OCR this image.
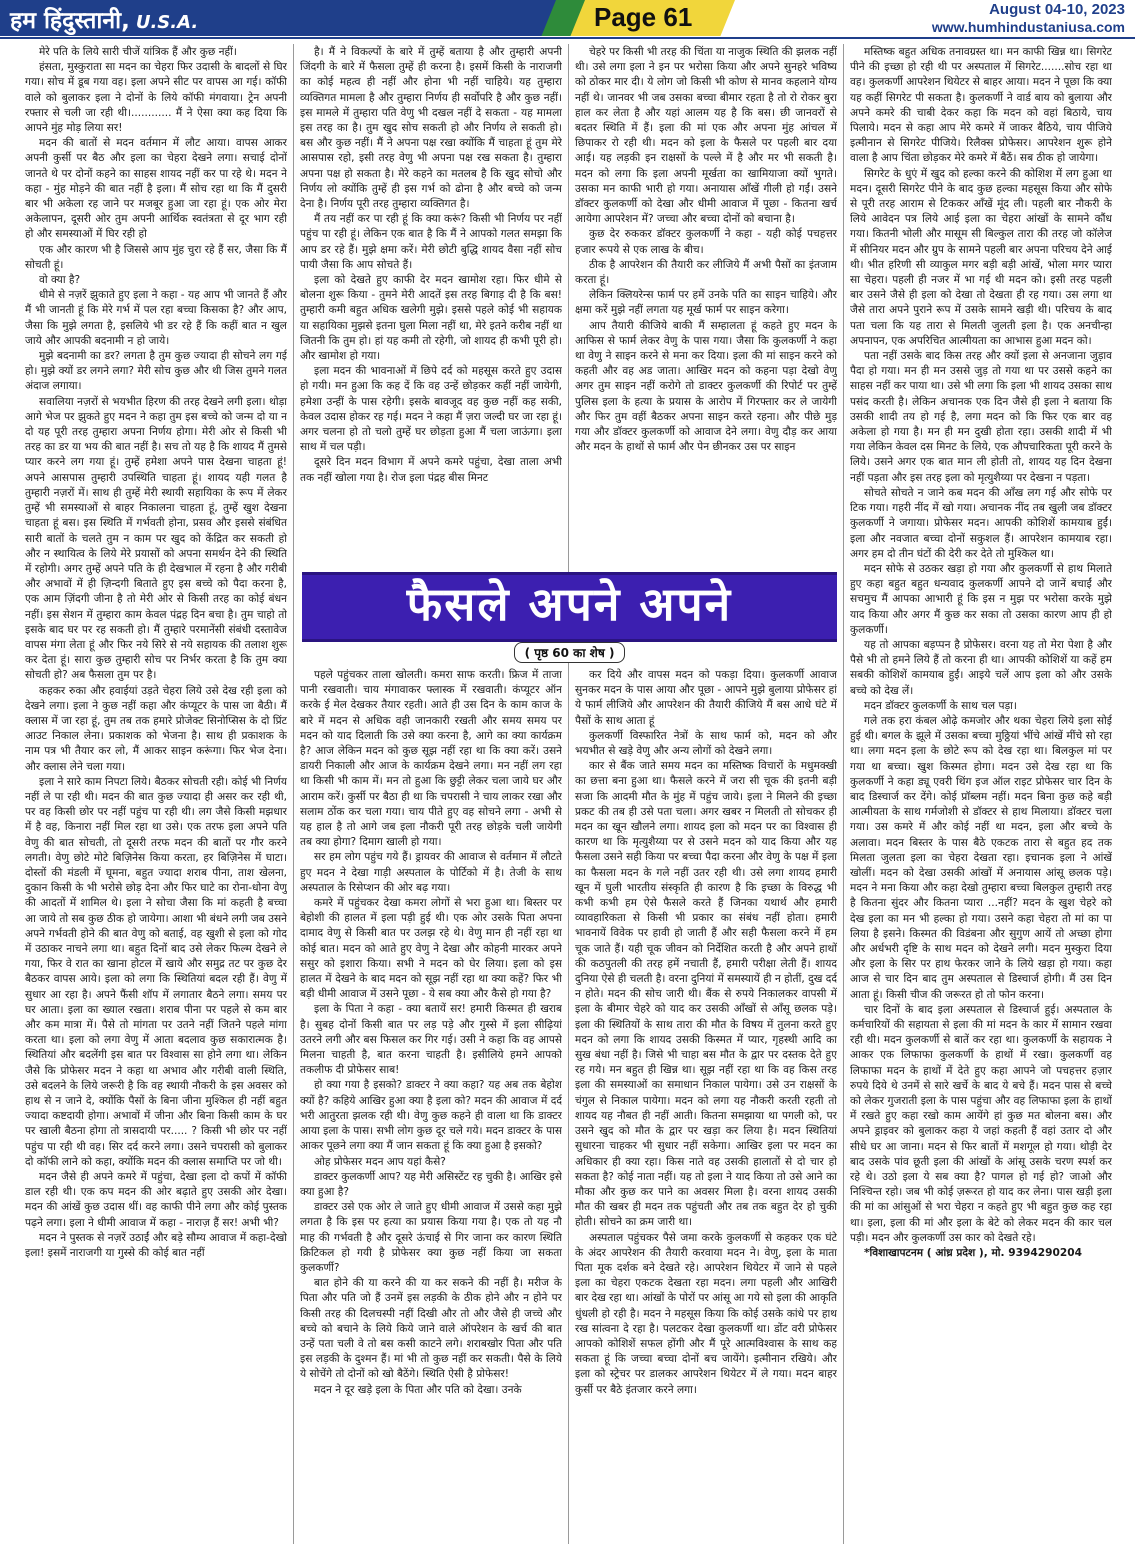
हम हिंदुस्तानी, U.S.A.	Page 61	August 04-10, 2023
www.humhindustaniusa.com

मेरे पति के लिये सारी चीजें यांत्रिक हैं और कुछ नहीं।

हंसता, मुस्कुराता सा मदन का चेहरा फिर उदासी के बादलों से घिर गया। सोच में डूब गया वह। इला अपने सीट पर वापस आ गई। कॉफी वाले को बुलाकर इला ने दोनों के लिये कॉफी मंगवाया। ट्रेन अपनी रफ्तार से चली जा रही थी।............ मैं ने ऐसा क्या कह दिया कि आपने मुंह मोड़ लिया सर!

मदन की बातों से मदन वर्तमान में लौट आया। वापस आकर अपनी कुर्सी पर बैठ और इला का चेहरा देखने लगा। सचाई दोनों जानते थे पर दोनों कहने का साहस शायद नहीं कर पा रहे थे। मदन ने कहा - मुंह मोड़ने की बात नहीं है इला। मैं सोच रहा था कि मैं दुसरी बार भी अकेला रह जाने पर मजबूर हुआ जा रहा हूं। एक ओर मेरा अकेलापन, दूसरी ओर तुम अपनी आर्थिक स्वतंत्रता से दूर भाग रही हो और समस्याओं में घिर रही हो

एक और कारण भी है जिससे आप मुंह चुरा रहे हैं सर, जैसा कि मैं सोचती हूं।

वो क्या है?

धीमे से नज़रें झुकाते हुए इला ने कहा - यह आप भी जानते हैं और मैं भी जानती हूं कि मेरे गर्भ में पल रहा बच्चा किसका है? और आप, जैसा कि मुझे लगता है, इसलिये भी डर रहे हैं कि कहीं बात न खुल जाये और आपकी बदनामी न हो जाये।

मुझे बदनामी का डर? लगता है तुम कुछ ज्यादा ही सोचने लग गई हो। मुझे क्यों डर लगने लगा? मेरी सोच कुछ और थी जिस तुमने गलत अंदाज लगाया।

सवालिया नज़रों से भयभीत हिरण की तरह देखने लगी इला। थोड़ा आगे भेज पर झुकते हुए मदन ने कहा तुम इस बच्चे को जन्म दो या न दो यह पूरी तरह तुम्हारा अपना निर्णय होगा। मेरी ओर से किसी भी तरह का डर या भय की बात नहीं है। सच तो यह है कि शायद मैं तुमसे प्यार करने लग गया हूं। तुम्हें हमेशा अपने पास देखना चाहता हूं! अपने आसपास तुम्हारी उपस्थिति चाहता हूं। शायद यही गलत है तुम्हारी नज़रों में। साथ ही तुम्हें मेरी स्थायी सहायिका के रूप में लेकर तुम्हें भी समस्याओं से बाहर निकालना चाहता हूं, तुम्हें खुश देखना चाहता हूं बस। इस स्थिति में गर्भवती होना, प्रसव और इससे संबंधित सारी बातों के चलते तुम न काम पर खुद को केंद्रित कर सकती हो और न स्थायित्व के लिये मेरे प्रयासों को अपना समर्थन देने की स्थिति में रहोगी। अगर तुम्हें अपने पति के ही देखभाल में रहना है और गरीबी और अभावों में ही ज़िन्दगी बिताते हुए इस बच्चे को पैदा करना है, एक आम ज़िंदगी जीना है तो मेरी ओर से किसी तरह का कोई बंधन नहीं। इस सेशन में तुम्हारा काम केवल पंद्रह दिन बचा है। तुम चाहो तो इसके बाद घर पर रह सकती हो। मैं तुम्हारे परमानेंसी संबंधी दस्तावेज वापस मंगा लेता हूं और फिर नये सिरे से नये सहायक की तलाश शुरू कर देता हूं। सारा कुछ तुम्हारी सोच पर निर्भर करता है कि तुम क्या सोचती हो? अब फैसला तुम पर है।

कहकर रुका और हवाईयां उड़ते चेहरा लिये उसे देख रही इला को देखने लगा। इला ने कुछ नहीं कहा और कंप्यूटर के पास जा बैठी। मैं क्लास में जा रहा हूं, तुम तब तक हमारे प्रोजेक्ट सिनोप्सिस के दो प्रिंट आउट निकाल लेना। प्रकाशक को भेजना है। साथ ही प्रकाशक के नाम पत्र भी तैयार कर लो, मैं आकर साइन करूंगा। फिर भेज देना। और क्लास लेने चला गया।

इला ने सारे काम निपटा लिये। बैठकर सोचती रही। कोई भी निर्णय नहीं ले पा रही थी। मदन की बात कुछ ज्यादा ही असर कर रही थी, पर वह किसी छोर पर नहीं पहुंच पा रही थी। लग जैसे किसी मझधार में है वह, किनारा नहीं मिल रहा था उसे। एक तरफ इला अपने पति वेणु की बात सोचती, तो दूसरी तरफ मदन की बातों पर गौर करने लगती। वेणु छोटे मोटे बिज़िनेस किया करता, हर बिज़िनेस में घाटा। दोस्तों की मंडली में घूमना, बहुत ज्यादा शराब पीना, ताश खेलना, दुकान किसी के भी भरोसे छोड़ देना और फिर घाटे का रोना-धोना वेणु की आदतों में शामिल थे। इला ने सोचा जैसा कि मां कहती है बच्चा आ जाये तो सब कुछ ठीक हो जायेगा। आशा भी बंधने लगी जब उसने अपने गर्भवती होने की बात वेणु को बताई, वह खुशी से इला को गोद में उठाकर नाचने लगा था। बहुत दिनों बाद उसे लेकर फिल्म देखने ले गया, फिर वे रात का खाना होटल में खाये और समुद्र तट पर कुछ देर बैठकर वापस आये। इला को लगा कि स्थितियां बदल रही हैं। वेणु में सुधार आ रहा है। अपने फैंसी शॉप में लगातार बैठने लगा। समय पर घर आता। इला का ख्याल रखता। शराब पीना पर पहले से कम बार और कम मात्रा में। पैसे तो मांगता पर उतने नहीं जितने पहले मांगा करता था। इला को लगा वेणु में आता बदलाव कुछ सकारात्मक है। स्थितियां और बदलेंगी इस बात पर विश्वास सा होने लगा था। लेकिन जैसे कि प्रोफेसर मदन ने कहा था अभाव और गरीबी वाली स्थिति, उसे बदलने के लिये जरूरी है कि वह स्थायी नौकरी के इस अवसर को हाथ से न जाने दे, क्योंकि पैसों के बिना जीना मुश्किल ही नहीं बहुत ज्यादा कष्टदायी होगा। अभावों में जीना और बिना किसी काम के घर पर खाली बैठना होगा तो त्रासदायी पर..... ? किसी भी छोर पर नहीं पहुंच पा रही थी वह। सिर दर्द करने लगा। उसने चपरासी को बुलाकर दो कॉफी लाने को कहा, क्योंकि मदन की क्लास समाप्ति पर जो थी।

मदन जैसे ही अपने कमरे में पहुंचा, देखा इला दो कपों में कॉफी डाल रही थी। एक कप मदन की ओर बढ़ाते हुए उसकी ओर देखा। मदन की आंखें कुछ उदास थीं। वह काफी पीने लगा और कोई पुस्तक पढ़ने लगा। इला ने धीमी आवाज में कहा - नाराज़ हैं सर! अभी भी?

मदन ने पुस्तक से नज़रें उठाईं और बड़े सौम्य आवाज में कहा-देखो इला! इसमें नाराजगी या गुस्से की कोई बात नहीं

है। मैं ने विकल्पों के बारे में तुम्हें बताया है और तुम्हारी अपनी जिंदगी के बारे में फैसला तुम्हें ही करना है। इसमें किसी के नाराजगी का कोई महत्व ही नहीं और होना भी नहीं चाहिये। यह तुम्हारा व्यक्तिगत मामला है और तुम्हारा निर्णय ही सर्वोपरि है और कुछ नहीं। इस मामले में तुम्हारा पति वेणु भी दखल नहीं दे सकता - यह मामला इस तरह का है। तुम खुद सोच सकती हो और निर्णय ले सकती हो। बस और कुछ नहीं। मैं ने अपना पक्ष रखा क्योंकि मैं चाहता हूं तुम मेरे आसपास रहो, इसी तरह वेणु भी अपना पक्ष रख सकता है। तुम्हारा अपना पक्ष हो सकता है। मेरे कहने का मतलब है कि खुद सोचो और निर्णय लो क्योंकि तुम्हें ही इस गर्भ को ढोना है और बच्चे को जन्म देना है। निर्णय पूरी तरह तुम्हारा व्यक्तिगत है।

मैं तय नहीं कर पा रही हूं कि क्या करूं? किसी भी निर्णय पर नहीं पहुंच पा रही हूं। लेकिन एक बात है कि मैं ने आपको गलत समझा कि आप डर रहे हैं। मुझे क्षमा करें। मेरी छोटी बुद्धि शायद वैसा नहीं सोच पायी जैसा कि आप सोचते हैं।

इला को देखते हुए काफी देर मदन खामोश रहा। फिर धीमे से बोलना शुरू किया - तुमने मेरी आदतें इस तरह बिगाड़ दी है कि बस! तुम्हारी कमी बहुत अधिक खलेगी मुझे। इससे पहले कोई भी सहायक या सहायिका मुझसे इतना घुला मिला नहीं था, मेरे इतने करीब नहीं था जितनी कि तुम हो। हां यह कमी तो रहेगी, जो शायद ही कभी पूरी हो। और खामोश हो गया।

इला मदन की भावनाओं में छिपे दर्द को महसूस करते हुए उदास हो गयी। मन हुआ कि कह दें कि वह उन्हें छोड़कर कहीं नहीं जायेगी, हमेशा उन्हीं के पास रहेगी। इसके बावजूद वह कुछ नहीं कह सकी, केवल उदास होकर रह गई। मदन ने कहा मैं ज़रा जल्दी घर जा रहा हूं। अगर चलना हो तो चलो तुम्हें घर छोड़ता हुआ मैं चला जाऊंगा। इला साथ में चल पड़ी।

दूसरे दिन मदन विभाग में अपने कमरे पहुंचा, देखा ताला अभी तक नहीं खोला गया है। रोज इला पंद्रह बीस मिनट

चेहरे पर किसी भी तरह की चिंता या नाजुक स्थिति की झलक नहीं थी। उसे लगा इला ने इन पर भरोसा किया और अपने सुनहरे भविष्य को ठोकर मार दी। ये लोग जो किसी भी कोण से मानव कहलाने योग्य नहीं थे। जानवर भी जब उसका बच्चा बीमार रहता है तो रो रोकर बुरा हाल कर लेता है और यहां आलम यह है कि बस। छी जानवरों से बदतर स्थिति में हैं। इला की मां एक और अपना मुंह आंचल में छिपाकर रो रही थी। मदन को इला के फैसले पर पहली बार दया आई। यह लड़की इन राक्षसों के पल्ले में है और मर भी सकती है। मदन को लगा कि इला अपनी मूर्खता का खामियाजा क्यों भुगते। उसका मन काफी भारी हो गया। अनायास आँखें गीली हो गईं। उसने डॉक्टर कुलकर्णी को देखा और धीमी आवाज में पूछा - कितना खर्च आयेगा आपरेशन में? जच्चा और बच्चा दोनों को बचाना है।

कुछ देर रुककर डॉक्टर कुलकर्णी ने कहा - यही कोई पचहत्तर हजार रूपये से एक लाख के बीच।

ठीक है आपरेशन की तैयारी कर लीजिये मैं अभी पैसों का इंतजाम करता हूं।

लेकिन क्लियरेन्स फार्म पर हमें उनके पति का साइन चाहिये। और क्षमा करें मुझे नहीं लगता यह मूर्ख फार्म पर साइन करेगा।

आप तैयारी कीजिये बाकी मैं सम्हालता हूं कहते हुए मदन के आफिस से फार्म लेकर वेणु के पास गया। जैसा कि कुलकर्णी ने कहा था वेणु ने साइन करने से मना कर दिया। इला की मां साइन करने को कहती और वह अड जाता। आखिर मदन को कहना पड़ा देखो वेणु अगर तुम साइन नहीं करोगे तो डाक्टर कुलकर्णी की रिपोर्ट पर तुम्हें पुलिस इला के हत्या के प्रयास के आरोप में गिरफ्तार कर ले जायेगी और फिर तुम वहीं बैठकर अपना साइन करते रहना। और पीछे मुड़ गया और डॉक्टर कुलकर्णी को आवाज देने लगा। वेणु दौड़ कर आया और मदन के हाथों से फार्म और पेन छीनकर उस पर साइन

मस्तिष्क बहुत अधिक तनावग्रस्त था। मन काफी खिन्न था। सिगरेट पीने की इच्छा हो रही थी पर अस्पताल में सिगरेट.......सोच रहा था वह। कुलकर्णी आपरेशन थियेटर से बाहर आया। मदन ने पूछा कि क्या यह कहीं सिगरेट पी सकता है। कुलकर्णी ने वार्ड बाय को बुलाया और अपने कमरे की चाबी देकर कहा कि मदन को वहां बिठाये, चाय पिलाये। मदन से कहा आप मेरे कमरे में जाकर बैठिये, चाय पीजिये इत्मीनान से सिगरेट पीजिये। रिलैक्स प्रोफेसर। आपरेशन शुरू होने वाला है आप चिंता छोड़कर मेरे कमरे में बैठें। सब ठीक हो जायेगा।

सिगरेट के धुएं में खुद को हल्का करने की कोशिश में लग हुआ था मदन। दूसरी सिगरेट पीने के बाद कुछ हल्का महसूस किया और सोफे से पूरी तरह आराम से टिककर आँखें मूंद ली। पहली बार नौकरी के लिये आवेदन पत्र लिये आई इला का चेहरा आंखों के सामने कौंध गया। कितनी भोली और मासूम सी बिल्कुल तारा की तरह जो कॉलेज में सीनियर मदन और ग्रुप के सामने पहली बार अपना परिचय देने आई थी। भीत हरिणी सी व्याकुल मगर बड़ी बड़ी आंखें, भोला मगर प्यारा सा चेहरा। पहली ही नजर में भा गई थी मदन को। इसी तरह पहली बार उसने जैसे ही इला को देखा तो देखता ही रह गया। उस लगा था जैसे तारा अपने पुराने रूप में उसके सामने खड़ी थी। परिचय के बाद पता चला कि यह तारा से मिलती जुलती इला है। एक अनचीन्हा अपनापन, एक अपरिचित आत्मीयता का आभास हुआ मदन को।

पता नहीं उसके बाद किस तरह और क्यों इला से अनजाना जुड़ाव पैदा हो गया। मन ही मन उससे जुड़ तो गया था पर उससे कहने का साहस नहीं कर पाया था। उसे भी लगा कि इला भी शायद उसका साथ पसंद करती है। लेकिन अचानक एक दिन जैसे ही इला ने बताया कि उसकी शादी तय हो गई है, लगा मदन को कि फिर एक बार वह अकेला हो गया है। मन ही मन दुखी होता रहा। उसकी शादी में भी गया लेकिन केवल दस मिनट के लिये, एक औपचारिकता पूरी करने के लिये। उसने अगर एक बात मान ली होती तो, शायद यह दिन देखना नहीं पड़ता और इस तरह इला को मृत्युशैय्या पर देखना न पड़ता।

सोचते सोचते न जाने कब मदन की आँख लग गई और सोफे पर टिक गया। गहरी नींद में खो गया। अचानक नींद तब खुली जब डॉक्टर कुलकर्णी ने जगाया। प्रोफेसर मदन। आपकी कोशिशें कामयाब हुईं। इला और नवजात बच्चा दोनों सकुशल हैं। आपरेशन कामयाब रहा। अगर हम दो तीन घंटों की देरी कर देते तो मुश्किल था।

मदन सोफे से उठकर खड़ा हो गया और कुलकर्णी से हाथ मिलाते हुए कहा बहुत बहुत धन्यवाद कुलकर्णी आपने दो जानें बचाईं और सचमुच मैं आपका आभारी हूं कि इस न मुझ पर भरोसा करके मुझे याद किया और अगर मैं कुछ कर सका तो उसका कारण आप ही हो कुलकर्णी।

यह तो आपका बड़प्पन है प्रोफेसर। वरना यह तो मेरा पेशा है और पैसे भी तो हमने लिये हैं तो करना ही था। आपकी कोशिशें या कहें हम सबकी कोशिशें कामयाब हुईं। आइये चलें आप इला को और उसके बच्चे को देख लें।

मदन डॉक्टर कुलकर्णी के साथ चल पड़ा।

गले तक हरा कंबल ओढ़े कमजोर और थका चेहरा लिये इला सोई हुई थी। बगल के झूले में उसका बच्चा मुठ्ठियां भींचे आंखें मींचे सो रहा था। लगा मदन इला के छोटे रूप को देख रहा था। बिलकुल मां पर गया था बच्चा। खुश किस्मत होगा। मदन उसे देख रहा था कि कुलकर्णी ने कहा ड्यू एवरी थिंग इज ऑल राइट प्रोफेसर चार दिन के बाद डिस्चार्ज कर देंगे। कोई प्रॉब्लम नहीं। मदन बिना कुछ कहे बड़ी आत्मीयता के साथ गर्मजोशी से डॉक्टर से हाथ मिलाया। डॉक्टर चला गया। उस कमरे में और कोई नहीं था मदन, इला और बच्चे के अलावा। मदन बिस्तर के पास बैठे एकटक तारा से बहुत हद तक मिलता जुलता इला का चेहरा देखता रहा। इचानक इला ने आंखें खोलीं। मदन को देखा उसकी आंखों में अनायास आंसू छलक पड़े। मदन ने मना किया और कहा देखो तुम्हारा बच्चा बिलकुल तुम्हारी तरह है कितना सुंदर और कितना प्यारा ...नहीं? मदन के खुश चेहरे को देख इला का मन भी हल्का हो गया। उसने कहा चेहरा तो मां का पा लिया है इसने। किस्मत की विडंबना और सुगुण आयें तो अच्छा होगा और अर्धभरी दृष्टि के साथ मदन को देखने लगी। मदन मुस्कुरा दिया और इला के सिर पर हाथ फेरकर जाने के लिये खड़ा हो गया। कहा आज से चार दिन बाद तुम अस्पताल से डिस्चार्ज होगी। मैं उस दिन आता हूं। किसी चीज की जरूरत हो तो फोन करना।

चार दिनों के बाद इला अस्पताल से डिस्चार्ज हुई। अस्पताल के कर्मचारियों की सहायता से इला की मां मदन के कार में सामान रखवा रही थी। मदन कुलकर्णी से बातें कर रहा था। कुलकर्णी के सहायक ने आकर एक लिफाफा कुलकर्णी के हाथों में रखा। कुलकर्णी वह लिफाफा मदन के हाथों में देते हुए कहा आपने जो पचहत्तर हज़ार रुपये दिये थे उनमें से सारे खर्चे के बाद ये बचे हैं। मदन पास से बच्चे को लेकर गुजराती इला के पास पहुंचा और वह लिफाफा इला के हाथों में रखते हुए कहा रखो काम आयेंगे हां कुछ मत बोलना बस। और अपने ड्राइवर को बुलाकर कहा ये जहां कहती हैं वहां उतार दो और सीधे घर आ जाना। मदन से फिर बातों में मशगूल हो गया। थोड़ी देर बाद उसके पांव छूती इला की आंखों के आंसू उसके चरण स्पर्श कर रहे थे। उठो इला ये सब क्या है? पागल हो गई हो? जाओ और निश्चिन्त रहो। जब भी कोई ज़रूरत हो याद कर लेना। पास खड़ी इला की मां का आंसुओं से भरा चेहरा न कहते हुए भी बहुत कुछ कह रहा था। इला, इला की मां और इला के बेटे को लेकर मदन की कार चल पड़ी। मदन और कुलकर्णी उस कार को देखते रहे।

*विशाखापटनम ( आंध्र प्रदेश ), मो. 9394290204

फैसले अपने अपने
( पृष्ठ 60 का शेष )

पहले पहुंचकर ताला खोलती। कमरा साफ करती। फ्रिज में ताजा पानी रखवाती। चाय मंगावाकर फ्लास्क में रखवाती। कंप्यूटर ऑन करके ई मेल देखकर तैयार रहती। आते ही उस दिन के काम काज के बारे में मदन से अधिक वही जानकारी रखती और समय समय पर मदन को याद दिलाती कि उसे क्या करना है, आगे का क्या कार्यक्रम है? आज लेकिन मदन को कुछ सूझ नहीं रहा था कि क्या करें। उसने डायरी निकाली और आज के कार्यक्रम देखने लगा। मन नहीं लग रहा था किसी भी काम में। मन तो हुआ कि छुट्टी लेकर चला जाये घर और आराम करें। कुर्सी पर बैठा ही था कि चपरासी ने चाय लाकर रखा और सलाम ठोंक कर चला गया। चाय पीते हुए वह सोचने लगा - अभी से यह हाल है तो आगे जब इला नौकरी पूरी तरह छोड़के चली जायेगी तब क्या होगा? दिमाग खाली हो गया।

सर हम लोग पहुंच गये हैं। ड्रायवर की आवाज से वर्तमान में लौटते हुए मदन ने देखा गाड़ी अस्पताल के पोर्टिको में है। तेजी के साथ अस्पताल के रिसेप्शन की ओर बढ़ गया।

कमरे में पहुंचकर देखा कमरा लोगों से भरा हुआ था। बिस्तर पर बेहोशी की हालत में इला पड़ी हुई थी। एक ओर उसके पिता अपना दामाद वेणु से किसी बात पर उलझ रहे थे। वेणु मान ही नहीं रहा था कोई बात। मदन को आते हुए वेणु ने देखा और कोहनी मारकर अपने ससुर को इशारा किया। सभी ने मदन को घेर लिया। इला को इस हालत में देखने के बाद मदन को सूझ नहीं रहा था क्या कहें? फिर भी बड़ी धीमी आवाज में उसने पूछा - ये सब क्या और कैसे हो गया है?

इला के पिता ने कहा - क्या बतायें सर! हमारी किस्मत ही खराब है। सुबह दोनों किसी बात पर लड़ पड़े और गुस्से में इला सीढ़ियां उतरने लगी और बस फिसल कर गिर गई। उसी ने कहा कि वह आपसे मिलना चाहती है, बात करना चाहती है। इसीलिये हमने आपको तकलीफ दी प्रोफेसर साब!

हो क्या गया है इसको? डाक्टर ने क्या कहा? यह अब तक बेहोश क्यों है? कहिये आखिर हुआ क्या है इला को? मदन की आवाज में दर्द भरी आतुरता झलक रही थी। वेणु कुछ कहने ही वाला था कि डाक्टर आया इला के पास। सभी लोग कुछ दूर चले गये। मदन डाक्टर के पास आकर पूछने लगा क्या मैं जान सकता हूं कि क्या हुआ है इसको?

ओह प्रोफेसर मदन आप यहां कैसे?

डाक्टर कुलकर्णी आप? यह मेरी असिस्टेंट रह चुकी है। आखिर इसे क्या हुआ है?

डाक्टर उसे एक ओर ले जाते हुए धीमी आवाज में उससे कहा मुझे लगता है कि इस पर हत्या का प्रयास किया गया है। एक तो यह नौ माह की गर्भवती है और दूसरे ऊंचाई से गिर जाना कर कारण स्थिति क्रिटिकल हो गयी है प्रोफेसर क्या कुछ नहीं किया जा सकता कुलकर्णी?

बात होने की या करने की या कर सकने की नहीं है। मरीज के पिता और पति जो हैं उनमें इस लड़की के ठीक होने और न होने पर किसी तरह की दिलचस्पी नहीं दिखी और तो और जैसे ही जच्चे और बच्चे को बचाने के लिये किये जाने वाले ऑपरेशन के खर्च की बात उन्हें पता चली वे तो बस कसी काटने लगे। शराबखोर पिता और पति इस लड़की के दुश्मन हैं। मां भी तो कुछ नहीं कर सकती। पैसे के लिये ये सोचेंगे तो दोनों को खो बैठेंगे। स्थिति ऐसी है प्रोफेसर!

मदन ने दूर खड़े इला के पिता और पति को देखा। उनके

कर दिये और वापस मदन को पकड़ा दिया। कुलकर्णी आवाज सुनकर मदन के पास आया और पूछा - आपने मुझे बुलाया प्रोफेसर हां ये फार्म लीजिये और आपरेशन की तैयारी कीजिये मैं बस आधे घंटे में पैसों के साथ आता हूं

कुलकर्णी विस्फारित नेत्रों के साथ फार्म को, मदन को और भयभीत से खड़े वेणु और अन्य लोगों को देखने लगा।

कार से बैंक जाते समय मदन का मस्तिष्क विचारों के मधुमक्खी का छत्ता बना हुआ था। फैसले करने में जरा सी चूक की इतनी बड़ी सजा कि आदमी मौत के मुंह में पहुंच जाये। इला ने मिलने की इच्छा प्रकट की तब ही उसे पता चला। अगर खबर न मिलती तो सोचकर ही मदन का खून खौलने लगा। शायद इला को मदन पर का विश्वास ही कारण था कि मृत्युशैय्या पर से उसने मदन को याद किया और यह फैसला उसने सही किया पर बच्चा पैदा करना और वेणु के पक्ष में इला का फैसला मदन के गले नहीं उतर रही थी। उसे लगा शायद हमारी खून में घुली भारतीय संस्कृति ही कारण है कि इच्छा के विरुद्ध भी कभी कभी हम ऐसे फैसले करते हैं जिनका यथार्थ और हमारी व्यावहारिकता से किसी भी प्रकार का संबंध नहीं होता। हमारी भावनायें विवेक पर हावी हो जाती हैं और सही फैसला करने में हम चूक जाते हैं। यही चूक जीवन को निर्देशित करती है और अपने हाथों की कठपुतली की तरह हमें नचाती हैं, हमारी परीक्षा लेती हैं। शायद दुनिया ऐसे ही चलती है। वरना दुनियां में समस्यायें ही न होतीं, दुख दर्द न होते। मदन की सोच जारी थी। बैंक से रुपये निकालकर वापसी में इला के बीमार चेहरे को याद कर उसकी आँखों से आँसू छलक पड़े। इला की स्थितियों के साथ तारा की मौत के विषय में तुलना करते हुए मदन को लगा कि शायद उसकी किस्मत में प्यार, गृहस्थी आदि का सुख बंधा नहीं है। जिसे भी चाहा बस मौत के द्वार पर दस्तक देते हुए रह गये। मन बहुत ही खिन्न था। सूझ नहीं रहा था कि वह किस तरह इला की समस्याओं का समाधान निकाल पायेगा। उसे उन राक्षसों के चंगुल से निकाल पायेगा। मदन को लगा यह नौकरी करती रहती तो शायद यह नौबत ही नहीं आती। कितना समझाया था पगली को, पर उसने खुद को मौत के द्वार पर खड़ा कर लिया है। मदन स्थितियां सुधारना चाहकर भी सुधार नहीं सकेगा। आखिर इला पर मदन का अधिकार ही क्या रहा। किस नाते वह उसकी हालातों से दो चार हो सकता है? कोई नाता नहीं। यह तो इला ने याद किया तो उसे आने का मौका और कुछ कर पाने का अवसर मिला है। वरना शायद उसकी मौत की खबर ही मदन तक पहुंचती और तब तक बहुत देर हो चुकी होती। सोचने का क्रम जारी था।

अस्पताल पहुंचकर पैसे जमा करके कुलकर्णी से कहकर एक घंटे के अंदर आपरेशन की तैयारी करवाया मदन ने। वेणु, इला के माता पिता मूक दर्शक बने देखते रहे। आपरेशन थियेटर में जाने से पहले इला का चेहरा एकटक देखता रहा मदन। लगा पहली और आखिरी बार देख रहा था। आंखों के पोरों पर आंसू आ गये सो इला की आकृति धुंधली हो रही है। मदन ने महसूस किया कि कोई उसके कांधे पर हाथ रख सांत्वना दे रहा है। पलटकर देखा कुलकर्णी था। डोंट वरी प्रोफेसर आपको कोशिशें सफल होंगी और मैं पूरे आत्मविश्वास के साथ कह सकता हूं कि जच्चा बच्चा दोनों बच जायेंगे। इत्मीनान रखिये। और इला को स्ट्रेचर पर डालकर आपरेशन थियेटर में ले गया। मदन बाहर कुर्सी पर बैठे इंतजार करने लगा।
